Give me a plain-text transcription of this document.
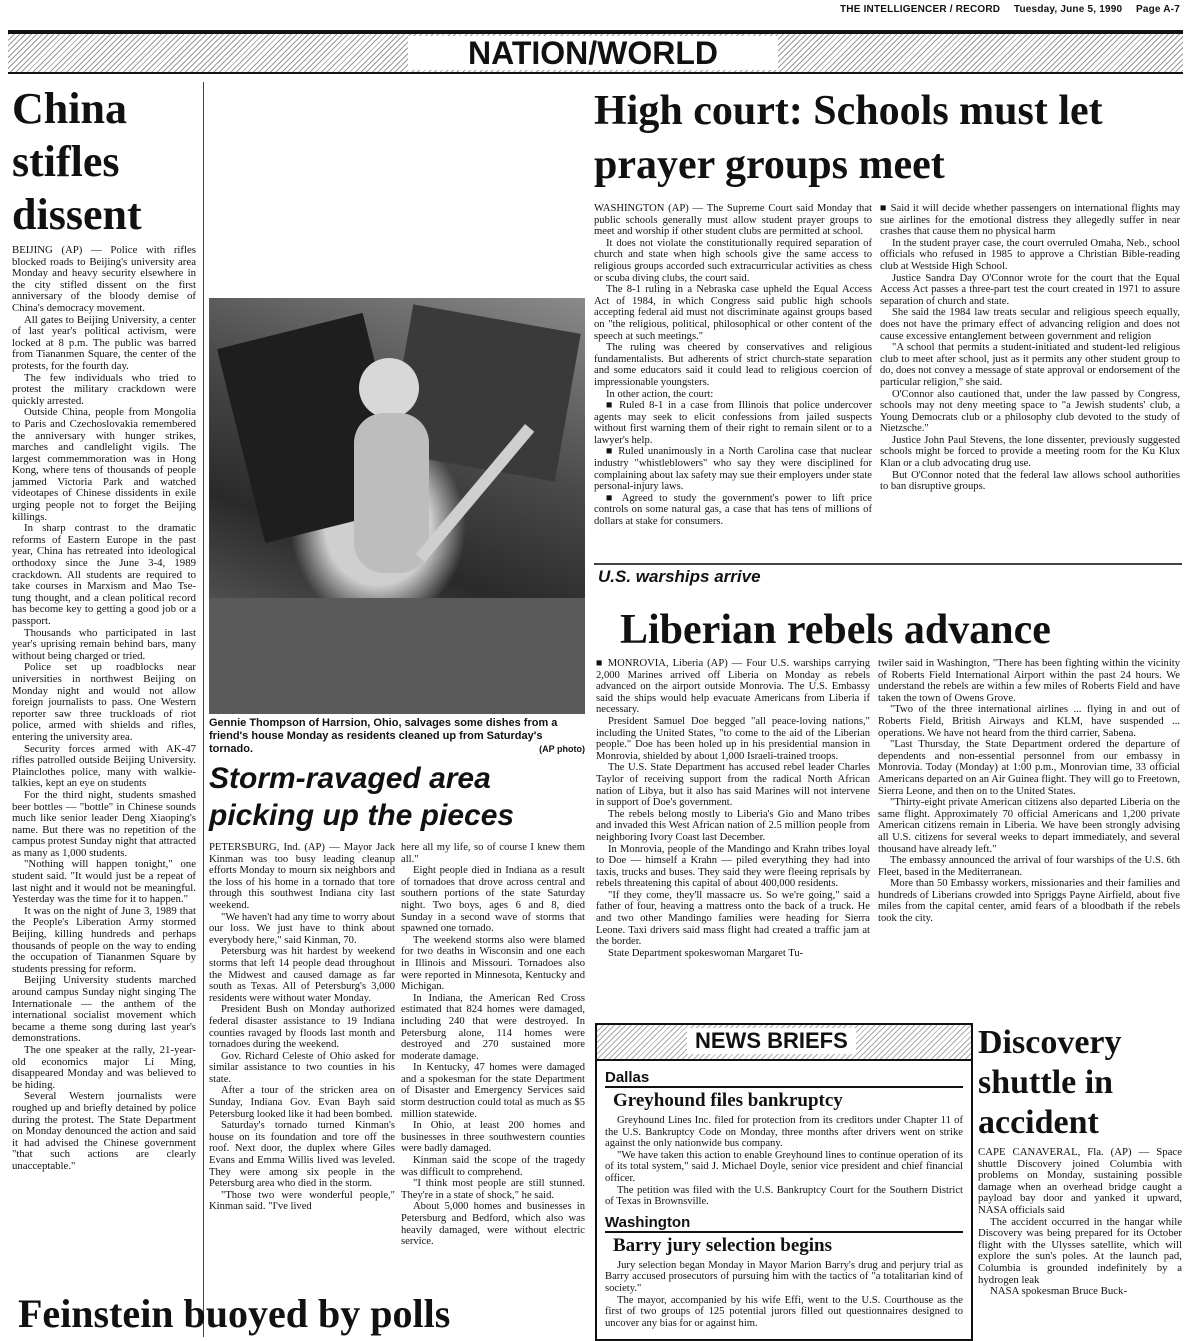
THE INTELLIGENCER / RECORD Tuesday, June 5, 1990 Page A-7
NATION/WORLD
China stifles dissent

BEIJING (AP) — Police with rifles blocked roads to Beijing's university area Monday and heavy security elsewhere in the city stifled dissent on the first anniversary of the bloody demise of China's democracy movement.

All gates to Beijing University, a center of last year's political activism, were locked at 8 p.m. The public was barred from Tiananmen Square, the center of the protests, for the fourth day.

The few individuals who tried to protest the military crackdown were quickly arrested.

Outside China, people from Mongolia to Paris and Czechoslovakia remembered the anniversary with hunger strikes, marches and candlelight vigils. The largest commemmoration was in Hong Kong, where tens of thousands of people jammed Victoria Park and watched videotapes of Chinese dissidents in exile urging people not to forget the Beijing killings.

In sharp contrast to the dramatic reforms of Eastern Europe in the past year, China has retreated into ideological orthodoxy since the June 3-4, 1989 crackdown. All students are required to take courses in Marxism and Mao Tse-tung thought, and a clean political record has become key to getting a good job or a passport.

Thousands who participated in last year's uprising remain behind bars, many without being charged or tried.

Police set up roadblocks near universities in northwest Beijing on Monday night and would not allow foreign journalists to pass. One Western reporter saw three truckloads of riot police, armed with shields and rifles, entering the university area.

Security forces armed with AK-47 rifles patrolled outside Beijing University. Plainclothes police, many with walkie-talkies, kept an eye on students

For the third night, students smashed beer bottles — "bottle" in Chinese sounds much like senior leader Deng Xiaoping's name. But there was no repetition of the campus protest Sunday night that attracted as many as 1,000 students.

"Nothing will happen tonight," one student said. "It would just be a repeat of last night and it would not be meaningful. Yesterday was the time for it to happen."

It was on the night of June 3, 1989 that the People's Liberation Army stormed Beijing, killing hundreds and perhaps thousands of people on the way to ending the occupation of Tiananmen Square by students pressing for reform.

Beijing University students marched around campus Sunday night singing The Internationale — the anthem of the international socialist movement which became a theme song during last year's demonstrations.

The one speaker at the rally, 21-year-old economics major Li Ming, disappeared Monday and was believed to be hiding.

Several Western journalists were roughed up and briefly detained by police during the protest. The State Department on Monday denounced the action and said it had advised the Chinese government "that such actions are clearly unacceptable."

High court: Schools must let prayer groups meet

WASHINGTON (AP) — The Supreme Court said Monday that public schools generally must allow student prayer groups to meet and worship if other student clubs are permitted at school.

It does not violate the constitutionally required separation of church and state when high schools give the same access to religious groups accorded such extracurricular activities as chess or scuba diving clubs, the court said.

The 8-1 ruling in a Nebraska case upheld the Equal Access Act of 1984, in which Congress said public high schools accepting federal aid must not discriminate against groups based on "the religious, political, philosophical or other content of the speech at such meetings."

The ruling was cheered by conservatives and religious fundamentalists. But adherents of strict church-state separation and some educators said it could lead to religious coercion of impressionable youngsters.

In other action, the court:

■ Ruled 8-1 in a case from Illinois that police undercover agents may seek to elicit confessions from jailed suspects without first warning them of their right to remain silent or to a lawyer's help.

■ Ruled unanimously in a North Carolina case that nuclear industry "whistleblowers" who say they were disciplined for complaining about lax safety may sue their employers under state personal-injury laws.

■ Agreed to study the government's power to lift price controls on some natural gas, a case that has tens of millions of dollars at stake for consumers.

■ Said it will decide whether passengers on international flights may sue airlines for the emotional distress they allegedly suffer in near crashes that cause them no physical harm

In the student prayer case, the court overruled Omaha, Neb., school officials who refused in 1985 to approve a Christian Bible-reading club at Westside High School.

Justice Sandra Day O'Connor wrote for the court that the Equal Access Act passes a three-part test the court created in 1971 to assure separation of church and state.

She said the 1984 law treats secular and religious speech equally, does not have the primary effect of advancing religion and does not cause excessive entanglement between government and religion

"A school that permits a student-initiated and student-led religious club to meet after school, just as it permits any other student group to do, does not convey a message of state approval or endorsement of the particular religion," she said.

O'Connor also cautioned that, under the law passed by Congress, schools may not deny meeting space to "a Jewish students' club, a Young Democrats club or a philosophy club devoted to the study of Nietzsche."

Justice John Paul Stevens, the lone dissenter, previously suggested schools might be forced to provide a meeting room for the Ku Klux Klan or a club advocating drug use.

But O'Connor noted that the federal law allows school authorities to ban disruptive groups.

Gennie Thompson of Harrsion, Ohio, salvages some dishes from a friend's house Monday as residents cleaned up from Saturday's tornado.	(AP photo)
Storm-ravaged area picking up the pieces

PETERSBURG, Ind. (AP) — Mayor Jack Kinman was too busy leading cleanup efforts Monday to mourn six neighbors and the loss of his home in a tornado that tore through this southwest Indiana city last weekend.

"We haven't had any time to worry about our loss. We just have to think about everybody here," said Kinman, 70.

Petersburg was hit hardest by weekend storms that left 14 people dead throughout the Midwest and caused damage as far south as Texas. All of Petersburg's 3,000 residents were without water Monday.

President Bush on Monday authorized federal disaster assistance to 19 Indiana counties ravaged by floods last month and tornadoes during the weekend.

Gov. Richard Celeste of Ohio asked for similar assistance to two counties in his state.

After a tour of the stricken area on Sunday, Indiana Gov. Evan Bayh said Petersburg looked like it had been bombed.

Saturday's tornado turned Kinman's house on its foundation and tore off the roof. Next door, the duplex where Giles Evans and Emma Willis lived was leveled. They were among six people in the Petersburg area who died in the storm.

"Those two were wonderful people," Kinman said. "I've lived

here all my life, so of course I knew them all."

Eight people died in Indiana as a result of tornadoes that drove across central and southern portions of the state Saturday night. Two boys, ages 6 and 8, died Sunday in a second wave of storms that spawned one tornado.

The weekend storms also were blamed for two deaths in Wisconsin and one each in Illinois and Missouri. Tornadoes also were reported in Minnesota, Kentucky and Michigan.

In Indiana, the American Red Cross estimated that 824 homes were damaged, including 240 that were destroyed. In Petersburg alone, 114 homes were destroyed and 270 sustained more moderate damage.

In Kentucky, 47 homes were damaged and a spokesman for the state Department of Disaster and Emergency Services said storm destruction could total as much as $5 million statewide.

In Ohio, at least 200 homes and businesses in three southwestern counties were badly damaged.

Kinman said the scope of the tragedy was difficult to comprehend.

"I think most people are still stunned. They're in a state of shock," he said.

About 5,000 homes and businesses in Petersburg and Bedford, which also was heavily damaged, were without electric service.

U.S. warships arrive
Liberian rebels advance

■ MONROVIA, Liberia (AP) — Four U.S. warships carrying 2,000 Marines arrived off Liberia on Monday as rebels advanced on the airport outside Monrovia. The U.S. Embassy said the ships would help evacuate Americans from Liberia if necessary.

President Samuel Doe begged "all peace-loving nations," including the United States, "to come to the aid of the Liberian people." Doe has been holed up in his presidential mansion in Monrovia, shielded by about 1,000 Israeli-trained troops.

The U.S. State Department has accused rebel leader Charles Taylor of receiving support from the radical North African nation of Libya, but it also has said Marines will not intervene in support of Doe's government.

The rebels belong mostly to Liberia's Gio and Mano tribes and invaded this West African nation of 2.5 million people from neighboring Ivory Coast last December.

In Monrovia, people of the Mandingo and Krahn tribes loyal to Doe — himself a Krahn — piled everything they had into taxis, trucks and buses. They said they were fleeing reprisals by rebels threatening this capital of about 400,000 residents.

"If they come, they'll massacre us. So we're going," said a father of four, heaving a mattress onto the back of a truck. He and two other Mandingo families were heading for Sierra Leone. Taxi drivers said mass flight had created a traffic jam at the border.

State Department spokeswoman Margaret Tu-

twiler said in Washington, "There has been fighting within the vicinity of Roberts Field International Airport within the past 24 hours. We understand the rebels are within a few miles of Roberts Field and have taken the town of Owens Grove.

"Two of the three international airlines ... flying in and out of Roberts Field, British Airways and KLM, have suspended ... operations. We have not heard from the third carrier, Sabena.

"Last Thursday, the State Department ordered the departure of dependents and non-essential personnel from our embassy in Monrovia. Today (Monday) at 1:00 p.m., Monrovian time, 33 official Americans departed on an Air Guinea flight. They will go to Freetown, Sierra Leone, and then on to the United States.

"Thirty-eight private American citizens also departed Liberia on the same flight. Approximately 70 official Americans and 1,200 private American citizens remain in Liberia. We have been strongly advising all U.S. citizens for several weeks to depart immediately, and several thousand have already left."

The embassy announced the arrival of four warships of the U.S. 6th Fleet, based in the Mediterranean.

More than 50 Embassy workers, missionaries and their families and hundreds of Liberians crowded into Spriggs Payne Airfield, about five miles from the capital center, amid fears of a bloodbath if the rebels took the city.

NEWS BRIEFS
Dallas
Greyhound files bankruptcy

Greyhound Lines Inc. filed for protection from its creditors under Chapter 11 of the U.S. Bankruptcy Code on Monday, three months after drivers went on strike against the only nationwide bus company.

"We have taken this action to enable Greyhound lines to continue operation of its of its total system," said J. Michael Doyle, senior vice president and chief financial officer.

The petition was filed with the U.S. Bankruptcy Court for the Southern District of Texas in Brownsville.

Washington
Barry jury selection begins

Jury selection began Monday in Mayor Marion Barry's drug and perjury trial as Barry accused prosecutors of pursuing him with the tactics of "a totalitarian kind of society."

The mayor, accompanied by his wife Effi, went to the U.S. Courthouse as the first of two groups of 125 potential jurors filled out questionnaires designed to uncover any bias for or against him.

Discovery shuttle in accident

CAPE CANAVERAL, Fla. (AP) — Space shuttle Discovery joined Columbia with problems on Monday, sustaining possible damage when an overhead bridge caught a payload bay door and yanked it upward, NASA officials said

The accident occurred in the hangar while Discovery was being prepared for its October flight with the Ulysses satellite, which will explore the sun's poles. At the launch pad, Columbia is grounded indefinitely by a hydrogen leak

NASA spokesman Bruce Buck-

Feinstein buoyed by polls
